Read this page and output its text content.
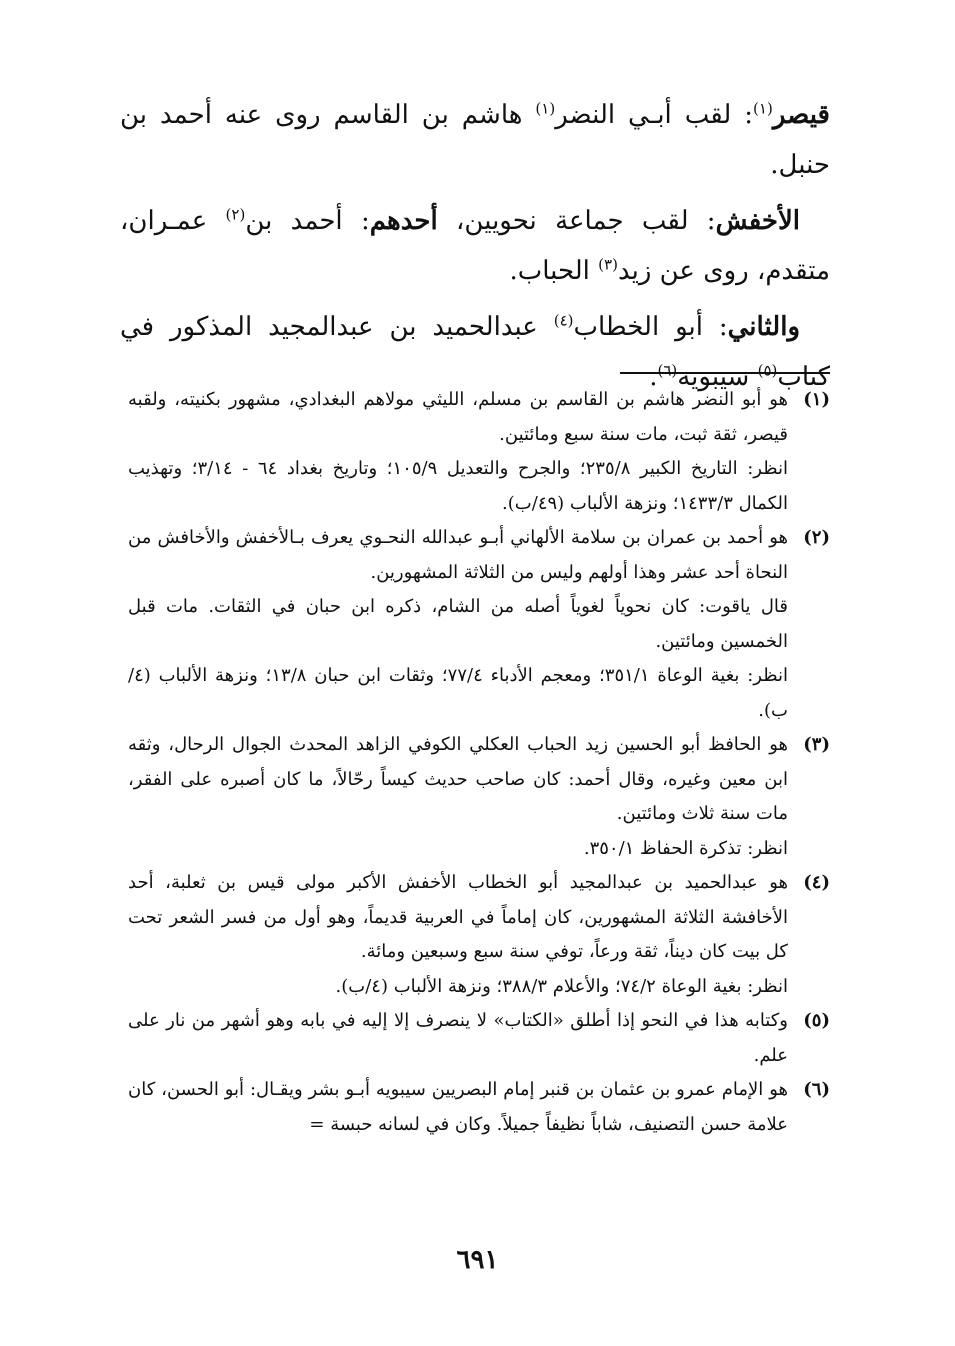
قيصر$^{(١)}$: لقب أبـي النضر$^{(١)}$ هاشم بن القاسم روى عنه أحمد بن حنبل.

الأخفش: لقب جماعة نحويين، أحدهم: أحمد بن$^{(٢)}$ عمـران، متقدم، روى عن زيد$^{(٣)}$ الحباب.

والثاني: أبو الخطاب$^{(٤)}$ عبدالحميد بن عبدالمجيد المذكور في كتاب$^{(٥)}$ سيبويه$^{(٦)}$.

(١)
هو أبو النضر هاشم بن القاسم بن مسلم، الليثي مولاهم البغدادي، مشهور بكنيته، ولقبه قيصر، ثقة ثبت، مات سنة سبع ومائتين.
انظر: التاريخ الكبير ٢٣٥/٨؛ والجرح والتعديل ١٠٥/٩؛ وتاريخ بغداد ٦٤ - ٣/١٤؛ وتهذيب الكمال ١٤٣٣/٣؛ ونزهة الألباب (٤٩/ب).
(٢)
هو أحمد بن عمران بن سلامة الألهاني أبـو عبدالله النحـوي يعرف بـالأخفش والأخافش من النحاة أحد عشر وهذا أولهم وليس من الثلاثة المشهورين.
قال ياقوت: كان نحوياً لغوياً أصله من الشام، ذكره ابن حبان في الثقات. مات قبل الخمسين ومائتين.
انظر: بغية الوعاة ٣٥١/١؛ ومعجم الأدباء ٧٧/٤؛ وثقات ابن حبان ١٣/٨؛ ونزهة الألباب (٤/ب).
(٣)
هو الحافظ أبو الحسين زيد الحباب العكلي الكوفي الزاهد المحدث الجوال الرحال، وثقه ابن معين وغيره، وقال أحمد: كان صاحب حديث كيساً رحّالاً، ما كان أصبره على الفقر، مات سنة ثلاث ومائتين.
انظر: تذكرة الحفاظ ٣٥٠/١.
(٤)
هو عبدالحميد بن عبدالمجيد أبو الخطاب الأخفش الأكبر مولى قيس بن ثعلبة، أحد الأخافشة الثلاثة المشهورين، كان إماماً في العربية قديماً، وهو أول من فسر الشعر تحت كل بيت كان ديناً، ثقة ورعاً، توفي سنة سبع وسبعين ومائة.
انظر: بغية الوعاة ٧٤/٢؛ والأعلام ٣٨٨/٣؛ ونزهة الألباب (٤/ب).
(٥)
وكتابه هذا في النحو إذا أطلق «الكتاب» لا ينصرف إلا إليه في بابه وهو أشهر من نار على علم.
(٦)
هو الإمام عمرو بن عثمان بن قنبر إمام البصريين سيبويه أبـو بشر ويقـال: أبو الحسن، كان علامة حسن التصنيف، شاباً نظيفاً جميلاً. وكان في لسانه حبسة =
٦٩١
